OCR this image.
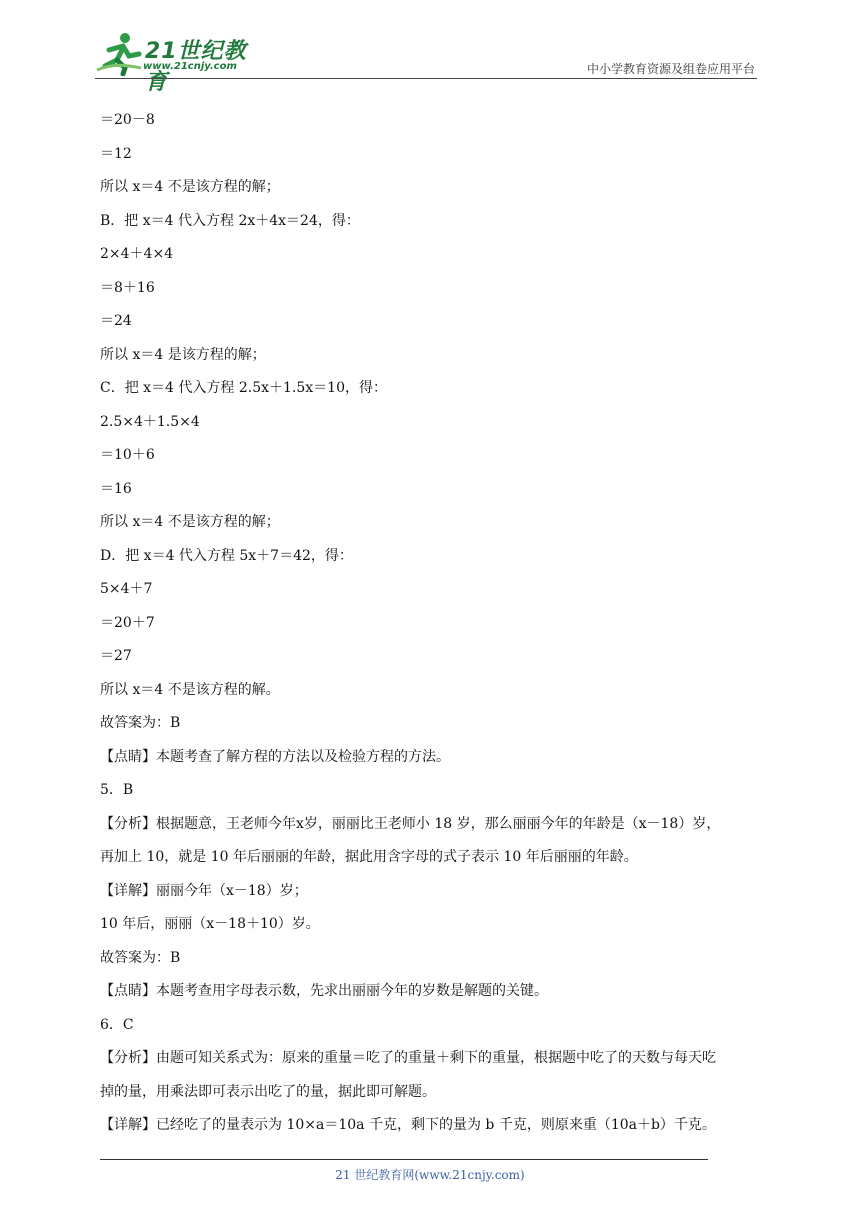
21世纪教育
www.21cnjy.com	中小学教育资源及组卷应用平台
＝20－8
＝12
所以 x＝4 不是该方程的解；
B．把 x＝4 代入方程 2x＋4x＝24，得：
2×4＋4×4
＝8＋16
＝24
所以 x＝4 是该方程的解；
C．把 x＝4 代入方程 2.5x＋1.5x＝10，得：
2.5×4＋1.5×4
＝10＋6
＝16
所以 x＝4 不是该方程的解；
D．把 x＝4 代入方程 5x＋7＝42，得：
5×4＋7
＝20＋7
＝27
所以 x＝4 不是该方程的解。
故答案为：B
【点睛】本题考查了解方程的方法以及检验方程的方法。
5．B
【分析】根据题意，王老师今年x岁，丽丽比王老师小 18 岁，那么丽丽今年的年龄是（x－18）岁，
再加上 10，就是 10 年后丽丽的年龄，据此用含字母的式子表示 10 年后丽丽的年龄。
【详解】丽丽今年（x－18）岁；
10 年后，丽丽（x－18＋10）岁。
故答案为：B
【点睛】本题考查用字母表示数，先求出丽丽今年的岁数是解题的关键。
6．C
【分析】由题可知关系式为：原来的重量＝吃了的重量＋剩下的重量，根据题中吃了的天数与每天吃
掉的量，用乘法即可表示出吃了的量，据此即可解题。
【详解】已经吃了的量表示为 10×a＝10a 千克，剩下的量为 b 千克，则原来重（10a＋b）千克。
21 世纪教育网(www.21cnjy.com)
